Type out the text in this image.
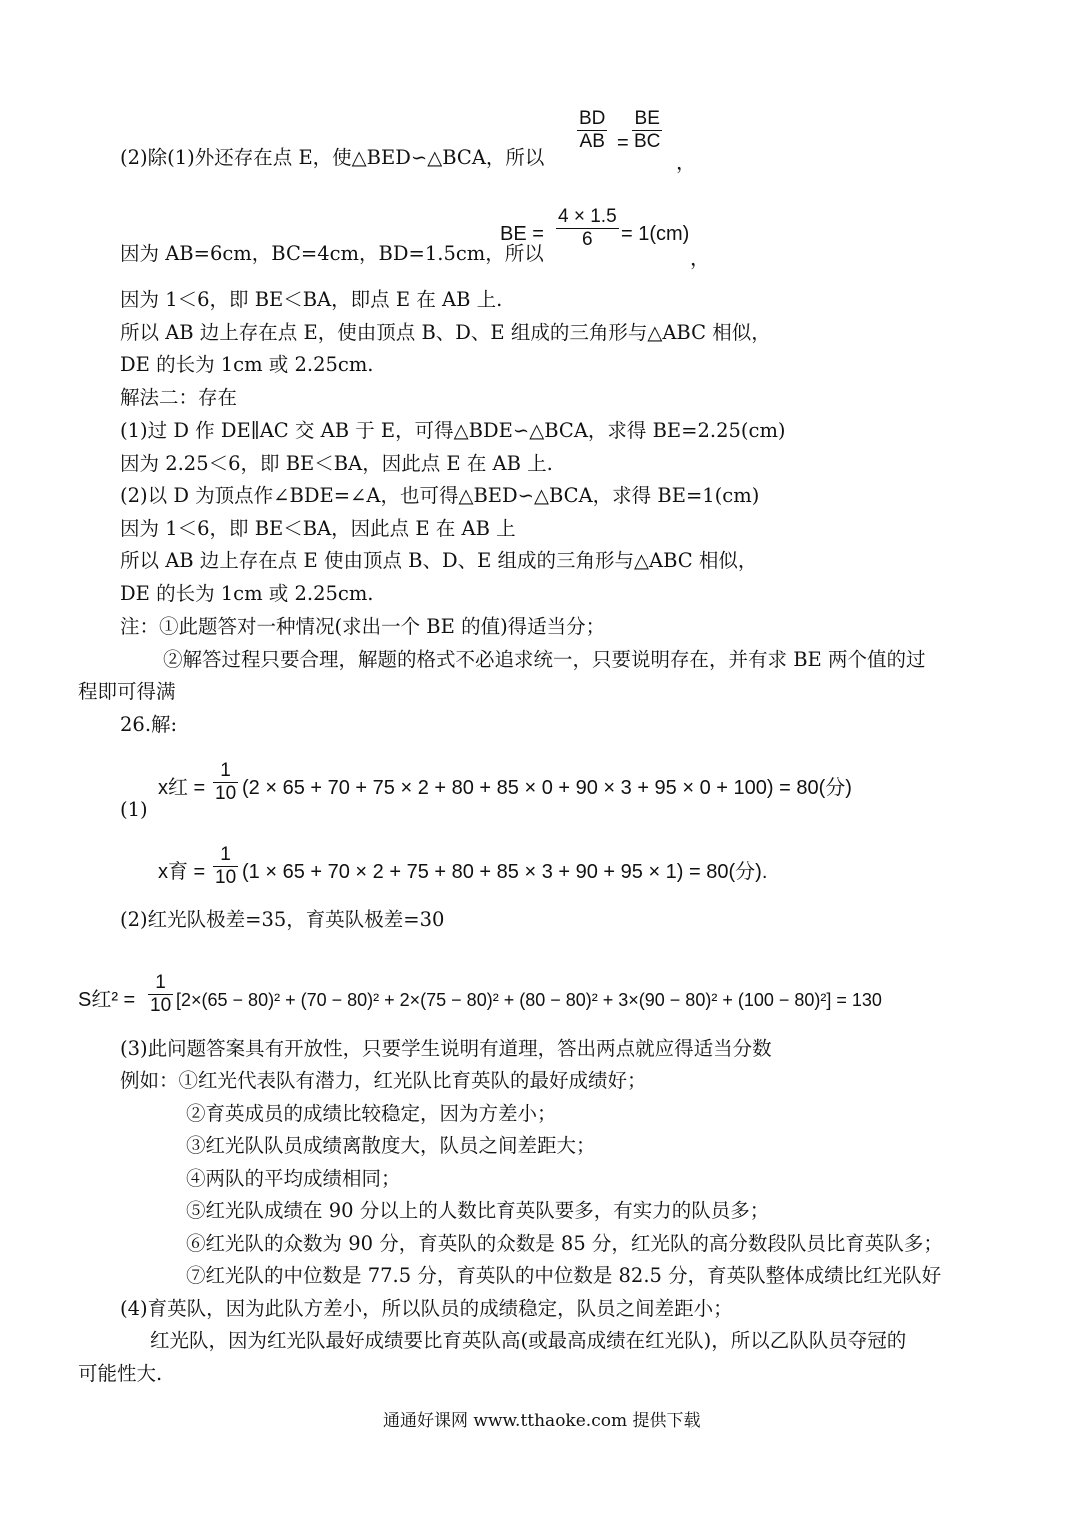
(2)除(1)外还存在点 E，使△BED∽△BCA，所以
BD
AB =
BE
BC
，
因为 AB=6cm，BC=4cm，BD=1.5cm，所以
BE =
4 × 1.5
6 = 1(cm)
，
因为 1＜6，即 BE＜BA，即点 E 在 AB 上.
所以 AB 边上存在点 E，使由顶点 B、D、E 组成的三角形与△ABC 相似，
DE 的长为 1cm 或 2.25cm.
解法二：存在
(1)过 D 作 DE∥AC 交 AB 于 E，可得△BDE∽△BCA，求得 BE=2.25(cm)
因为 2.25＜6，即 BE＜BA，因此点 E 在 AB 上.
(2)以 D 为顶点作∠BDE=∠A，也可得△BED∽△BCA，求得 BE=1(cm)
因为 1＜6，即 BE＜BA，因此点 E 在 AB 上
所以 AB 边上存在点 E 使由顶点 B、D、E 组成的三角形与△ABC 相似，
DE 的长为 1cm 或 2.25cm.
注：①此题答对一种情况(求出一个 BE 的值)得适当分；
②解答过程只要合理，解题的格式不必追求统一，只要说明存在，并有求 BE 两个值的过
程即可得满
26.解:
(1)
x红 =
1
10 (2 × 65 + 70 + 75 × 2 + 80 + 85 × 0 + 90 × 3 + 95 × 0 + 100) = 80(分)
x育 =
1
10 (1 × 65 + 70 × 2 + 75 + 80 + 85 × 3 + 90 + 95 × 1) = 80(分).
(2)红光队极差=35，育英队极差=30
S红² =
1
10 [2×(65 − 80)² + (70 − 80)² + 2×(75 − 80)² + (80 − 80)² + 3×(90 − 80)² + (100 − 80)²] = 130
(3)此问题答案具有开放性，只要学生说明有道理，答出两点就应得适当分数
例如：①红光代表队有潜力，红光队比育英队的最好成绩好；
②育英成员的成绩比较稳定，因为方差小；
③红光队队员成绩离散度大，队员之间差距大；
④两队的平均成绩相同；
⑤红光队成绩在 90 分以上的人数比育英队要多，有实力的队员多；
⑥红光队的众数为 90 分，育英队的众数是 85 分，红光队的高分数段队员比育英队多；
⑦红光队的中位数是 77.5 分，育英队的中位数是 82.5 分，育英队整体成绩比红光队好
(4)育英队，因为此队方差小，所以队员的成绩稳定，队员之间差距小；
红光队，因为红光队最好成绩要比育英队高(或最高成绩在红光队)，所以乙队队员夺冠的
可能性大.
通通好课网 www.tthaoke.com 提供下载
